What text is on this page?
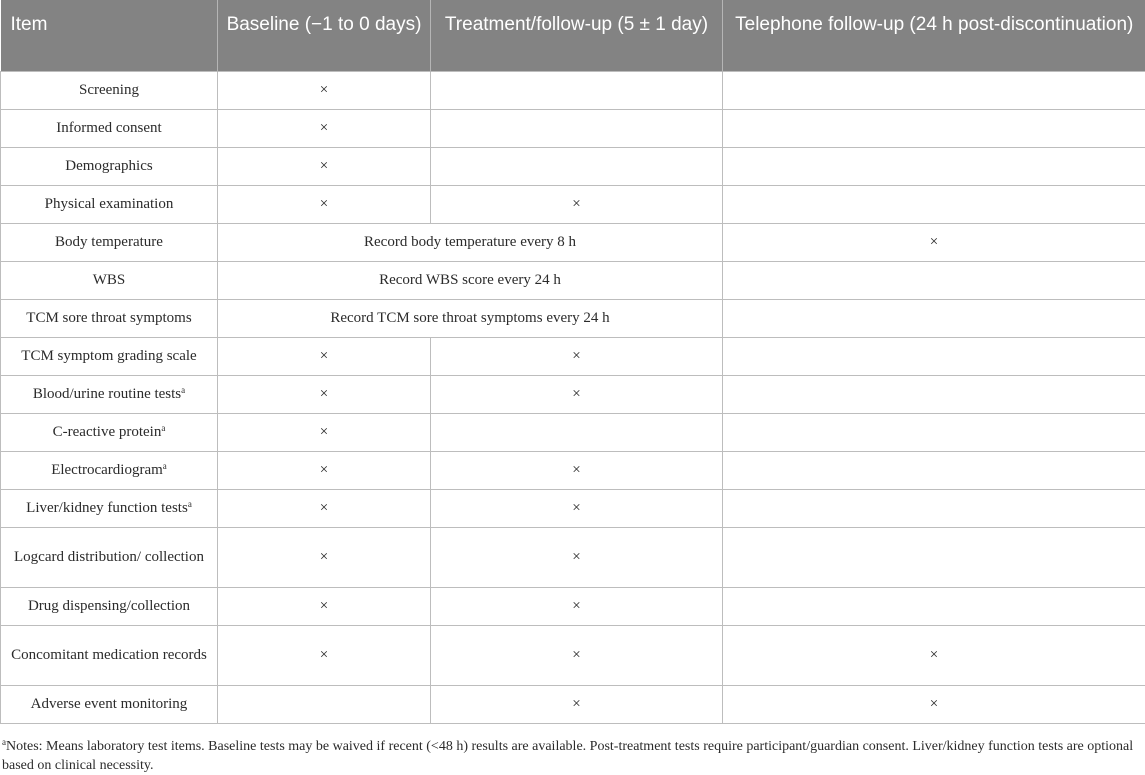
Item	Baseline (−1 to 0 days)	Treatment/follow-up (5 ± 1 day)	Telephone follow-up (24 h post-discontinuation)
Screening	×		
Informed consent	×		
Demographics	×		
Physical examination	×	×	
Body temperature	Record body temperature every 8 h		×
WBS	Record WBS score every 24 h		
TCM sore throat symptoms	Record TCM sore throat symptoms every 24 h		
TCM symptom grading scale	×	×	
Blood/urine routine tests$^a$	×	×	
C-reactive protein$^a$	×		
Electrocardiogram$^a$	×	×	
Liver/kidney function tests$^a$	×	×	
Logcard distribution/ collection	×	×	
Drug dispensing/collection	×	×	
Concomitant medication records	×	×	×
Adverse event monitoring		×	×
$^a$Notes: Means laboratory test items. Baseline tests may be waived if recent (<48 h) results are available. Post-treatment tests require participant/guardian consent. Liver/kidney function tests are optional based on clinical necessity.
